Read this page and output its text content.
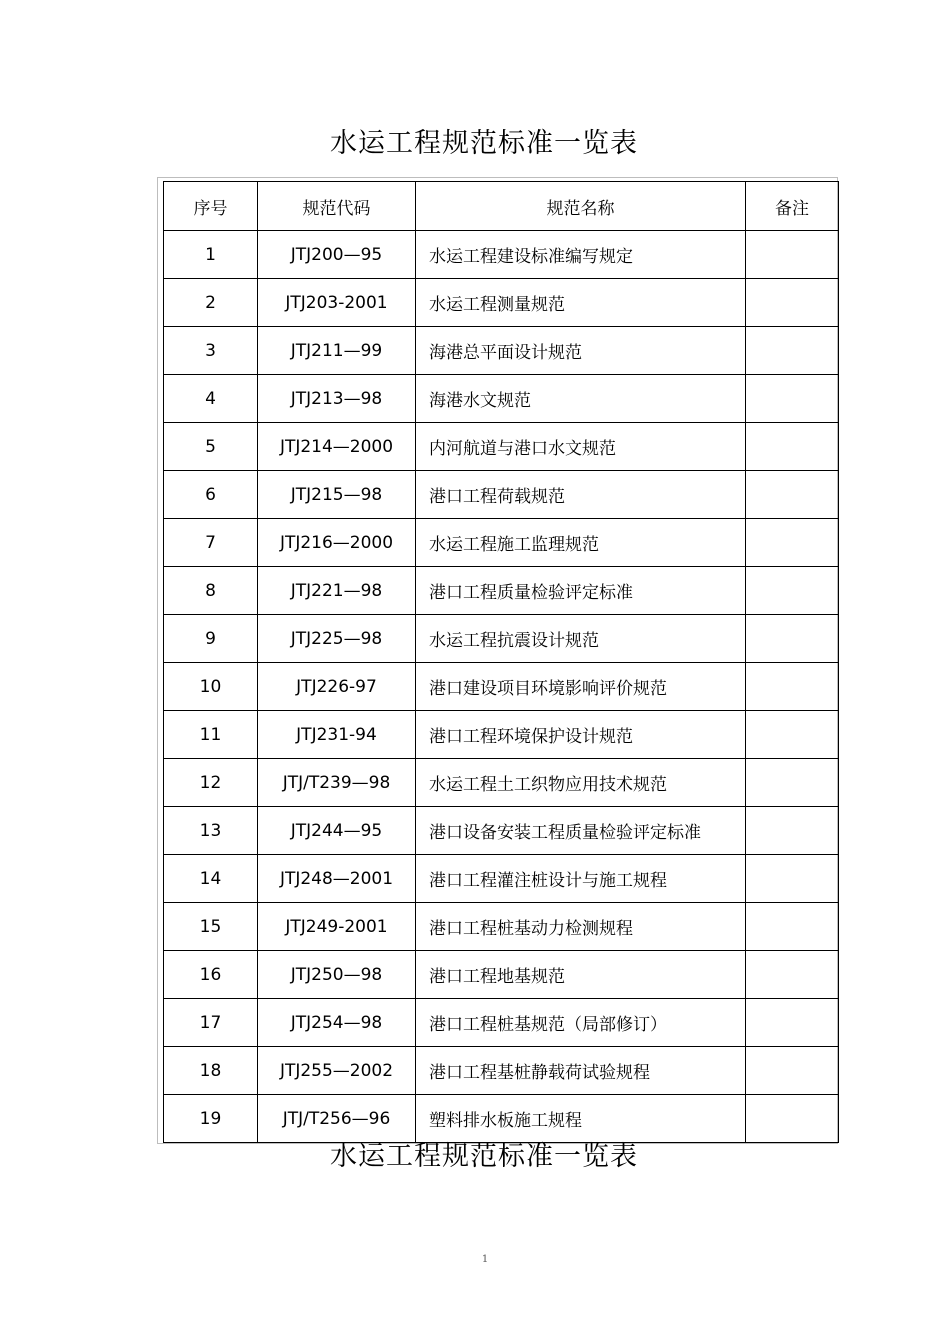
水运工程规范标准一览表
序号	规范代码	规范名称	备注
1	JTJ200—95	水运工程建设标准编写规定	
2	JTJ203-2001	水运工程测量规范	
3	JTJ211—99	海港总平面设计规范	
4	JTJ213—98	海港水文规范	
5	JTJ214—2000	内河航道与港口水文规范	
6	JTJ215—98	港口工程荷载规范	
7	JTJ216—2000	水运工程施工监理规范	
8	JTJ221—98	港口工程质量检验评定标准	
9	JTJ225—98	水运工程抗震设计规范	
10	JTJ226-97	港口建设项目环境影响评价规范	
11	JTJ231-94	港口工程环境保护设计规范	
12	JTJ/T239—98	水运工程土工织物应用技术规范	
13	JTJ244—95	港口设备安装工程质量检验评定标准	
14	JTJ248—2001	港口工程灌注桩设计与施工规程	
15	JTJ249-2001	港口工程桩基动力检测规程	
16	JTJ250—98	港口工程地基规范	
17	JTJ254—98	港口工程桩基规范（局部修订）	
18	JTJ255—2002	港口工程基桩静载荷试验规程	
19	JTJ/T256—96	塑料排水板施工规程	
水运工程规范标准一览表
1
